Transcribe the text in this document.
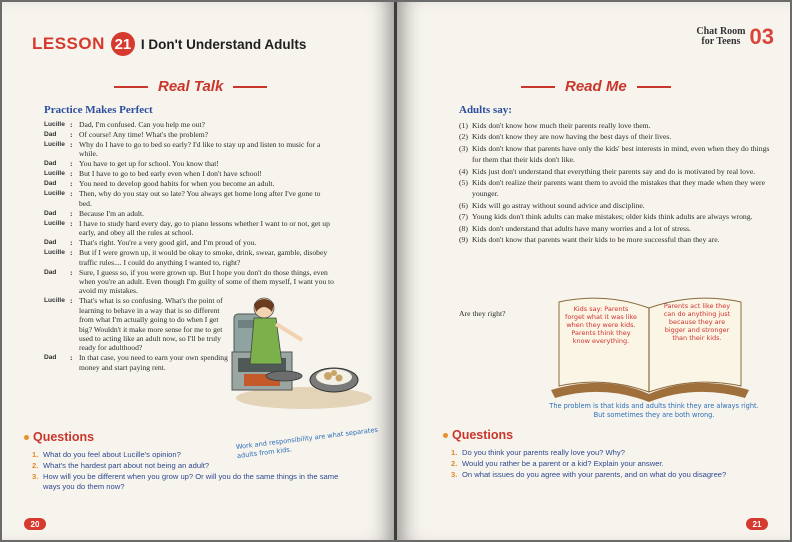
LESSON 21 I Don't Understand Adults
Real Talk
Practice Makes Perfect
Lucille : Dad, I'm confused. Can you help me out?
Dad	: Of course! Any time! What's the problem?
Lucille : Why do I have to go to bed so early? I'd like to stay up and listen to music for a while.
Dad	: You have to get up for school. You know that!
Lucille : But I have to go to bed early even when I don't have school!
Dad	: You need to develop good habits for when you become an adult.
Lucille : Then, why do you stay out so late? You always get home long after I've gone to bed.
Dad	: Because I'm an adult.
Lucille : I have to study hard every day, go to piano lessons whether I want to or not, get up early, and obey all the rules at school.
Dad	: That's right. You're a very good girl, and I'm proud of you.
Lucille : But if I were grown up, it would be okay to smoke, drink, swear, gamble, disobey traffic rules.... I could do anything I wanted to, right?
Dad	: Sure, I guess so, if you were grown up. But I hope you don't do those things, even when you're an adult. Even though I'm guilty of some of them myself, I want you to avoid my mistakes.
Lucille : That's what is so confusing. What's the point of learning to behave in a way that is so different from what I'm actually going to do when I get big? Wouldn't it make more sense for me to get used to acting like an adult now, so I'll be truly ready for adulthood?
Dad	: In that case, you need to earn your own spending money and start paying rent.
Work and responsibility are what separates adults from kids.
Questions
1. What do you feel about Lucille's opinion?
2. What's the hardest part about not being an adult?
3. How will you be different when you grow up? Or will you do the same things in the same ways you do them now?
20
Chat Room
for Teens 03
Read Me
Adults say:
(1) Kids don't know how much their parents really love them.
(2) Kids don't know they are now having the best days of their lives.
(3) Kids don't know that parents have only the kids' best interests in mind, even when they do things for them that their kids don't like.
(4) Kids just don't understand that everything their parents say and do is motivated by real love.
(5) Kids don't realize their parents want them to avoid the mistakes that they made when they were younger.
(6) Kids will go astray without sound advice and discipline.
(7) Young kids don't think adults can make mistakes; older kids think adults are always wrong.
(8) Kids don't understand that adults have many worries and a lot of stress.
(9) Kids don't know that parents want their kids to be more successful than they are.
Are they right?	Kids say: Parents forget what it was like when they were kids. Parents think they know everything.
Parents act like they can do anything just because they are bigger and stronger than their kids.
The problem is that kids and adults think they are always right. But sometimes they are both wrong.
Questions
1. Do you think your parents really love you? Why?
2. Would you rather be a parent or a kid? Explain your answer.
3. On what issues do you agree with your parents, and on what do you disagree?
21
